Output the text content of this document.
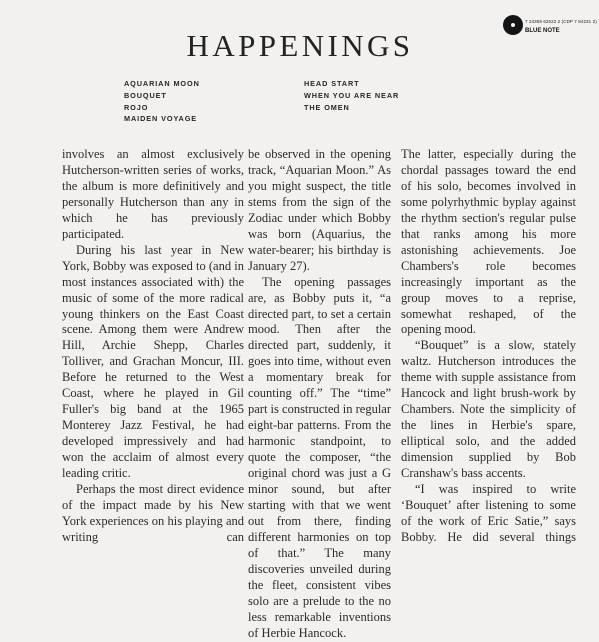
7 24359 62622 2 (CDP 7 84231 2)
BLUE NOTE
HAPPENINGS
AQUARIAN MOON
BOUQUET
ROJO
MAIDEN VOYAGE
HEAD START
WHEN YOU ARE NEAR
THE OMEN

involves an almost exclusively Hutcherson-written series of works, the album is more definitively and personally Hutcherson than any in which he has previously participated.

During his last year in New York, Bobby was exposed to (and in most instances associated with) the music of some of the more radical young thinkers on the East Coast scene. Among them were Andrew Hill, Archie Shepp, Charles Tolliver, and Grachan Moncur, III. Before he returned to the West Coast, where he played in Gil Fuller's big band at the 1965 Monterey Jazz Festival, he had developed impressively and had won the acclaim of almost every leading critic.

Perhaps the most direct evidence of the impact made by his New York experiences on his playing and writing can

be observed in the opening track, “Aquarian Moon.” As you might suspect, the title stems from the sign of the Zodiac under which Bobby was born (Aquarius, the water-bearer; his birthday is January 27).

The opening passages are, as Bobby puts it, “a directed part, to set a certain mood. Then after the directed part, suddenly, it goes into time, without even a momentary break for counting off.” The “time” part is constructed in regular eight-bar patterns. From the harmonic standpoint, to quote the composer, “the original chord was just a G minor sound, but after starting with that we went out from there, finding different harmonies on top of that.” The many discoveries unveiled during the fleet, consistent vibes solo are a prelude to the no less remarkable inventions of Herbie Hancock.

The latter, especially during the chordal passages toward the end of his solo, becomes involved in some polyrhythmic byplay against the rhythm section's regular pulse that ranks among his more astonishing achievements. Joe Chambers's role becomes increasingly important as the group moves to a reprise, somewhat reshaped, of the opening mood.

“Bouquet” is a slow, stately waltz. Hutcherson introduces the theme with supple assistance from Hancock and light brush-work by Chambers. Note the simplicity of the lines in Herbie's spare, elliptical solo, and the added dimension supplied by Bob Cranshaw's bass accents.

“I was inspired to write ‘Bouquet’ after listening to some of the work of Eric Satie,” says Bobby. He did several things
